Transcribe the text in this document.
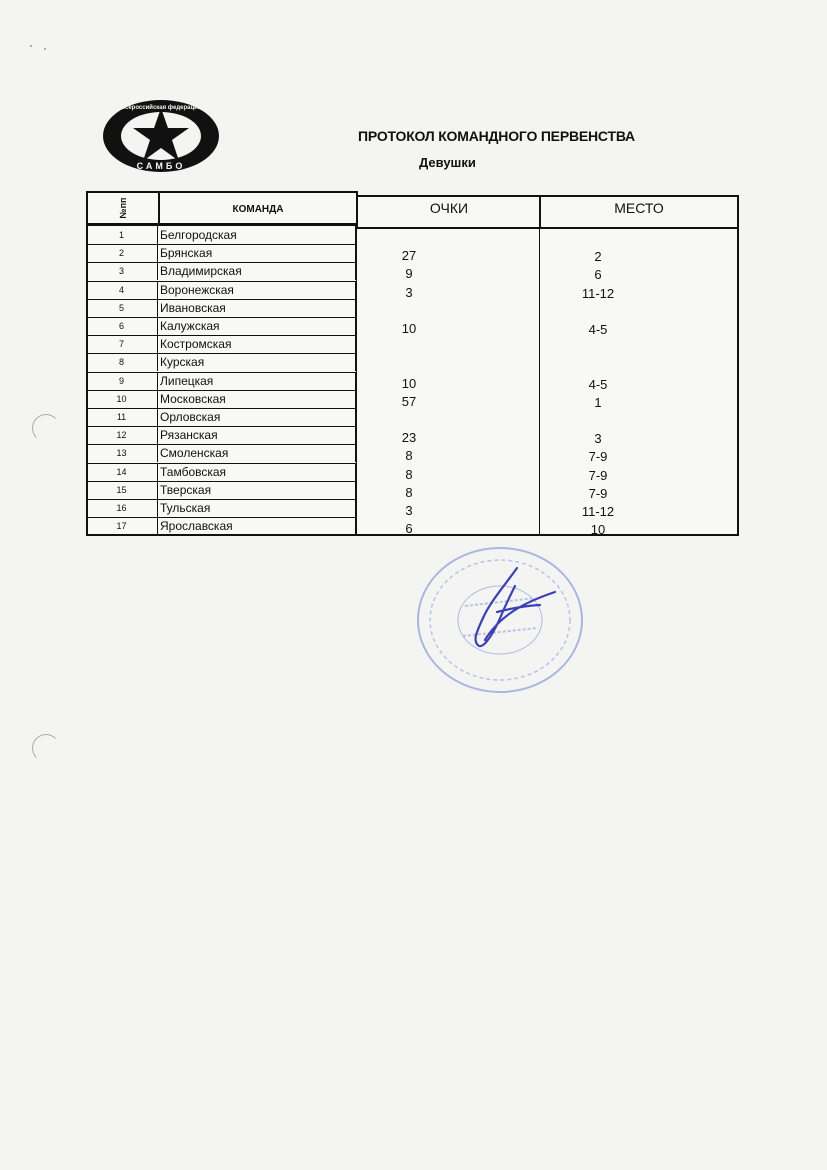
Всероссийская федерация
САМБО
ПРОТОКОЛ КОМАНДНОГО ПЕРВЕНСТВА
Девушки
№пп	КОМАНДА	ОЧКИ	МЕСТО
1	Белгородская
2	Брянская	27	2
3	Владимирская	9	6
4	Воронежская	3	11-12
5	Ивановская
6	Калужская	10	4-5
7	Костромская
8	Курская
9	Липецкая	10	4-5
10	Московская	57	1
11	Орловская
12	Рязанская	23	3
13	Смоленская	8	7-9
14	Тамбовская	8	7-9
15	Тверская	8	7-9
16	Тульская	3	11-12
17	Ярославская	6	10
